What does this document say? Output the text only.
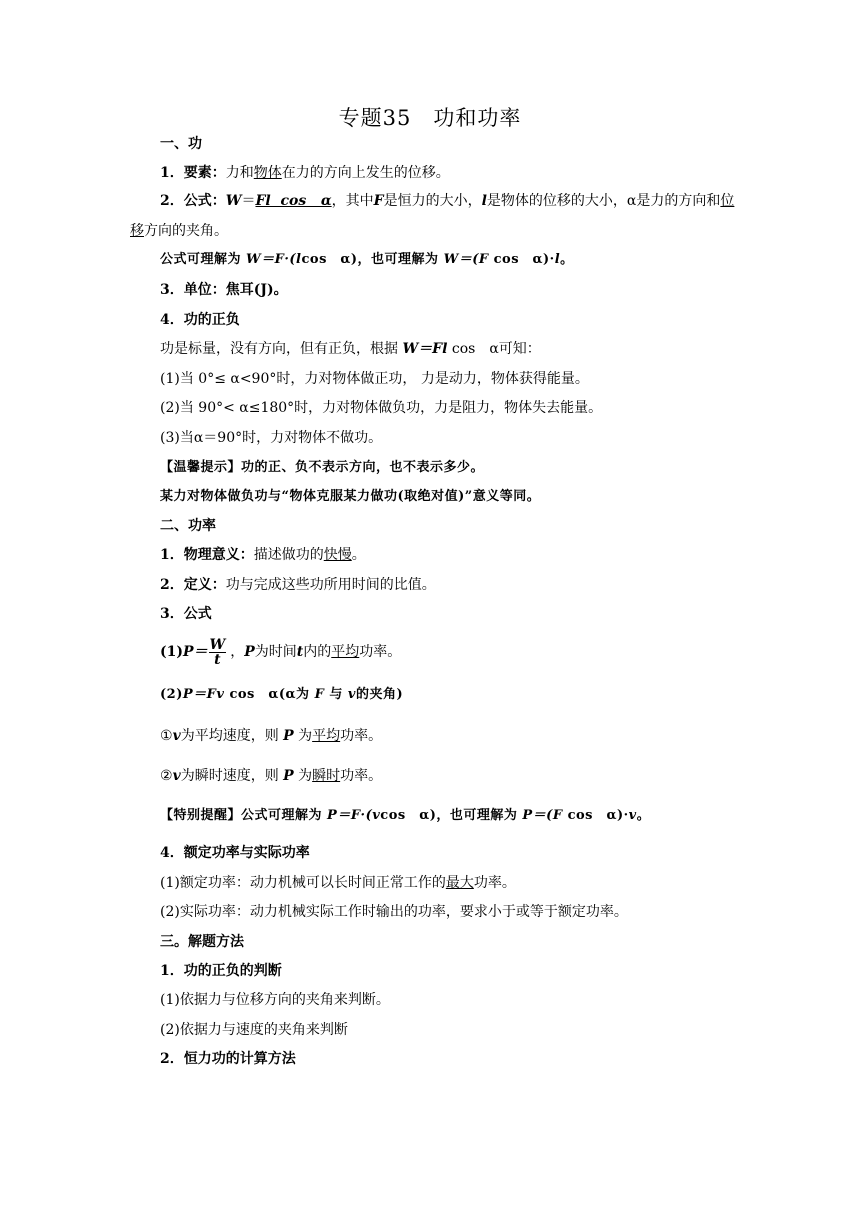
专题35　功和功率
一、功
1．要素：力和物体在力的方向上发生的位移。
2．公式：W＝Fl  cos   α，其中F是恒力的大小，l是物体的位移的大小，α是力的方向和位移方向的夹角。
公式可理解为 W＝F·(lcos　α)，也可理解为 W＝(F cos　α)·l。
3．单位：焦耳(J)。
4．功的正负
功是标量，没有方向，但有正负，根据 W＝Fl cos　α可知：
(1)当 0°≤ α<90°时，力对物体做正功， 力是动力，物体获得能量。
(2)当 90°< α≤180°时，力对物体做负功，力是阻力，物体失去能量。
(3)当α＝90°时，力对物体不做功。
【温馨提示】功的正、负不表示方向，也不表示多少。
某力对物体做负功与“物体克服某力做功(取绝对值)”意义等同。
二、功率
1．物理意义：描述做功的快慢。
2．定义：功与完成这些功所用时间的比值。
3．公式
$(1)P= \frac{W}{t}$ ，P为时间t内的平均功率。
(2)P＝Fv cos　α(α为 F 与 v的夹角)
①v为平均速度，则 P 为平均功率。
②v为瞬时速度，则 P 为瞬时功率。
【特别提醒】公式可理解为 P＝F·(vcos　α)，也可理解为 P＝(F cos　α)·v。
4．额定功率与实际功率
(1)额定功率：动力机械可以长时间正常工作的最大功率。
(2)实际功率：动力机械实际工作时输出的功率，要求小于或等于额定功率。
三。解题方法
1．功的正负的判断
(1)依据力与位移方向的夹角来判断。
(2)依据力与速度的夹角来判断
2．恒力功的计算方法
